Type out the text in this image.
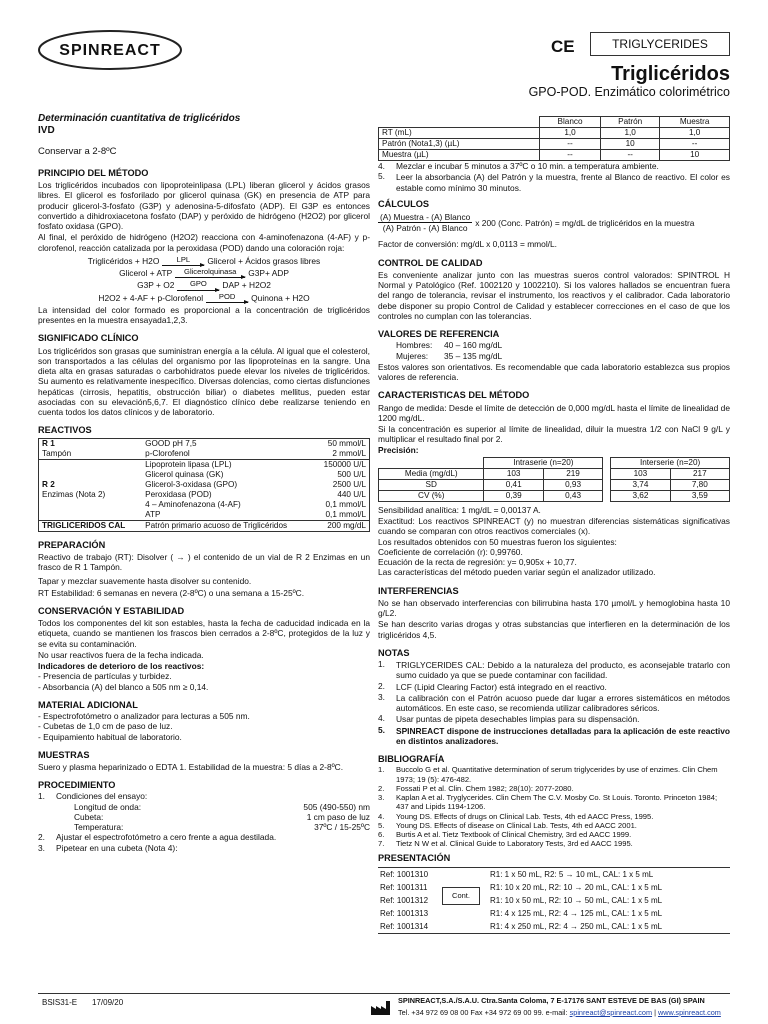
SPINREACT	CE	TRIGLYCERIDES
Triglicéridos
GPO-POD. Enzimático colorimétrico
Determinación cuantitativa de triglicéridos
IVD
Conservar a 2-8ºC
PRINCIPIO DEL MÉTODO
Los triglicéridos incubados con lipoproteinlipasa (LPL) liberan glicerol y ácidos grasos libres. El glicerol es fosforilado por glicerol quinasa (GK) en presencia de ATP para producir glicerol-3-fosfato (G3P) y adenosina-5-difosfato (ADP). El G3P es entonces convertido a dihidroxiacetona fosfato (DAP) y peróxido de hidrógeno (H2O2) por glicerol fosfato oxidasa (GPO).
Al final, el peróxido de hidrógeno (H2O2) reacciona con 4-aminofenazona (4-AF) y p-clorofenol, reacción catalizada por la peroxidasa (POD) dando una coloración roja:
Triglicéridos + H2O LPL Glicerol + Ácidos grasos libres
Glicerol + ATP Glicerolquinasa G3P+ ADP
G3P + O2 GPO DAP + H2O2
H2O2 + 4-AF + p-Clorofenol POD Quinona + H2O
La intensidad del color formado es proporcional a la concentración de triglicéridos presentes en la muestra ensayada1,2,3.
SIGNIFICADO CLÍNICO
Los triglicéridos son grasas que suministran energía a la célula. Al igual que el colesterol, son transportados a las células del organismo por las lipoproteínas en la sangre. Una dieta alta en grasas saturadas o carbohidratos puede elevar los niveles de triglicéridos. Su aumento es relativamente inespecífico. Diversas dolencias, como ciertas disfunciones hepáticas (cirrosis, hepatitis, obstrucción biliar) o diabetes mellitus, pueden estar asociadas con su elevación5,6,7. El diagnóstico clínico debe realizarse teniendo en cuenta todos los datos clínicos y de laboratorio.
REACTIVOS
R 1	GOOD pH 7,5	50 mmol/L
Tampón	p-Clorofenol	2 mmol/L
	Lipoprotein lipasa (LPL)	150000 U/L
	Glicerol quinasa (GK)	500 U/L
R 2	Glicerol-3-oxidasa (GPO)	2500 U/L
Enzimas (Nota 2)	Peroxidasa (POD)	440 U/L
	4 – Aminofenazona (4-AF)	0,1 mmol/L
	ATP	0,1 mmol/L
TRIGLICERIDOS CAL	Patrón primario acuoso de Triglicéridos	200 mg/dL
PREPARACIÓN
Reactivo de trabajo (RT): Disolver ( → ) el contenido de un vial de R 2 Enzimas en un frasco de R 1 Tampón.
Tapar y mezclar suavemente hasta disolver su contenido.
RT Estabilidad: 6 semanas en nevera (2-8ºC) o una semana a 15-25ºC.
CONSERVACIÓN Y ESTABILIDAD
Todos los componentes del kit son estables, hasta la fecha de caducidad indicada en la etiqueta, cuando se mantienen los frascos bien cerrados a 2-8ºC, protegidos de la luz y se evita su contaminación.
No usar reactivos fuera de la fecha indicada.
Indicadores de deterioro de los reactivos:
- Presencia de partículas y turbidez.
- Absorbancia (A) del blanco a 505 nm ≥ 0,14.
MATERIAL ADICIONAL
- Espectrofotómetro o analizador para lecturas a 505 nm.
- Cubetas de 1,0 cm de paso de luz.
- Equipamiento habitual de laboratorio.
MUESTRAS
Suero y plasma heparinizado o EDTA 1. Estabilidad de la muestra: 5 días a 2-8ºC.
PROCEDIMIENTO
1.	Condiciones del ensayo:
Longitud de onda:	505 (490-550) nm
Cubeta:	1 cm paso de luz
Temperatura:	37ºC / 15-25ºC
2.	Ajustar el espectrofotómetro a cero frente a agua destilada.
3.	Pipetear en una cubeta (Nota 4):
	Blanco	Patrón	Muestra
RT (mL)	1,0	1,0	1,0
Patrón (Nota1,3) (µL)	--	10	--
Muestra (µL)	--	--	10
4.	Mezclar e incubar 5 minutos a 37ºC o 10 min. a temperatura ambiente.
5.	Leer la absorbancia (A) del Patrón y la muestra, frente al Blanco de reactivo. El color es estable como mínimo 30 minutos.
CÁLCULOS
(A) Muestra - (A) Blanco
(A) Patrón - (A) Blanco
x 200 (Conc. Patrón) = mg/dL de triglicéridos en la muestra
Factor de conversión: mg/dL x 0,0113 = mmol/L.
CONTROL DE CALIDAD
Es conveniente analizar junto con las muestras sueros control valorados: SPINTROL H Normal y Patológico (Ref. 1002120 y 1002210). Si los valores hallados se encuentran fuera del rango de tolerancia, revisar el instrumento, los reactivos y el calibrador. Cada laboratorio debe disponer su propio Control de Calidad y establecer correcciones en el caso de que los controles no cumplan con las tolerancias.
VALORES DE REFERENCIA
Hombres:	40 – 160 mg/dL
Mujeres:	35 – 135 mg/dL
Estos valores son orientativos. Es recomendable que cada laboratorio establezca sus propios valores de referencia.
CARACTERISTICAS DEL MÉTODO
Rango de medida: Desde el límite de detección de 0,000 mg/dL hasta el límite de linealidad de 1200 mg/dL.
Si la concentración es superior al límite de linealidad, diluir la muestra 1/2 con NaCl 9 g/L y multiplicar el resultado final por 2.
Precisión:
	Intraserie (n=20)			Interserie (n=20)	
Media (mg/dL)	103	219		103	217
SD	0,41	0,93		3,74	7,80
CV (%)	0,39	0,43		3,62	3,59
Sensibilidad analítica: 1 mg/dL = 0,00137 A.
Exactitud: Los reactivos SPINREACT (y) no muestran diferencias sistemáticas significativas cuando se comparan con otros reactivos comerciales (x).
Los resultados obtenidos con 50 muestras fueron los siguientes:
Coeficiente de correlación (r): 0,99760.
Ecuación de la recta de regresión: y= 0,905x + 10,77.
Las características del método pueden variar según el analizador utilizado.
INTERFERENCIAS
No se han observado interferencias con bilirrubina hasta 170 µmol/L y hemoglobina hasta 10 g/L2.
Se han descrito varias drogas y otras substancias que interfieren en la determinación de los triglicéridos 4,5.
NOTAS
1.	TRIGLYCERIDES CAL: Debido a la naturaleza del producto, es aconsejable tratarlo con sumo cuidado ya que se puede contaminar con facilidad.
2.	LCF (Lipid Clearing Factor) está integrado en el reactivo.
3.	La calibración con el Patrón acuoso puede dar lugar a errores sistemáticos en métodos automáticos. En este caso, se recomienda utilizar calibradores séricos.
4.	Usar puntas de pipeta desechables limpias para su dispensación.
5.	SPINREACT dispone de instrucciones detalladas para la aplicación de este reactivo en distintos analizadores.
BIBLIOGRAFÍA
1.	Buccolo G et al. Quantitative determination of serum triglycerides by use of enzimes. Clin Chem 1973; 19 (5): 476-482.
2.	Fossati P et al. Clin. Chem 1982; 28(10): 2077-2080.
3.	Kaplan A et al. Tryglycerides. Clin Chem The C.V. Mosby Co. St Louis. Toronto. Princeton 1984; 437 and Lipids 1194-1206.
4.	Young DS. Effects of drugs on Clinical Lab. Tests, 4th ed AACC Press, 1995.
5.	Young DS. Effects of disease on Clinical Lab. Tests, 4th ed AACC 2001.
6.	Burtis A et al. Tietz Textbook of Clinical Chemistry, 3rd ed AACC 1999.
7.	Tietz N W et al. Clinical Guide to Laboratory Tests, 3rd ed AACC 1995.
PRESENTACIÓN
Ref: 1001310	R1: 1 x 50 mL, R2: 5 → 10 mL, CAL: 1 x 5 mL
Ref: 1001311	R1: 10 x 20 mL, R2: 10 → 20 mL, CAL: 1 x 5 mL
Ref: 1001312	R1: 10 x 50 mL, R2: 10 → 50 mL, CAL: 1 x 5 mL
Ref: 1001313	R1: 4 x 125 mL, R2: 4 → 125 mL, CAL: 1 x 5 mL
Ref: 1001314	R1: 4 x 250 mL, R2: 4 → 250 mL, CAL: 1 x 5 mL
Cont.
BSIS31-E 17/09/20	SPINREACT,S.A./S.A.U. Ctra.Santa Coloma, 7 E-17176 SANT ESTEVE DE BAS (GI) SPAIN
Tel. +34 972 69 08 00 Fax +34 972 69 00 99. e-mail: spinreact@spinreact.com | www.spinreact.com
